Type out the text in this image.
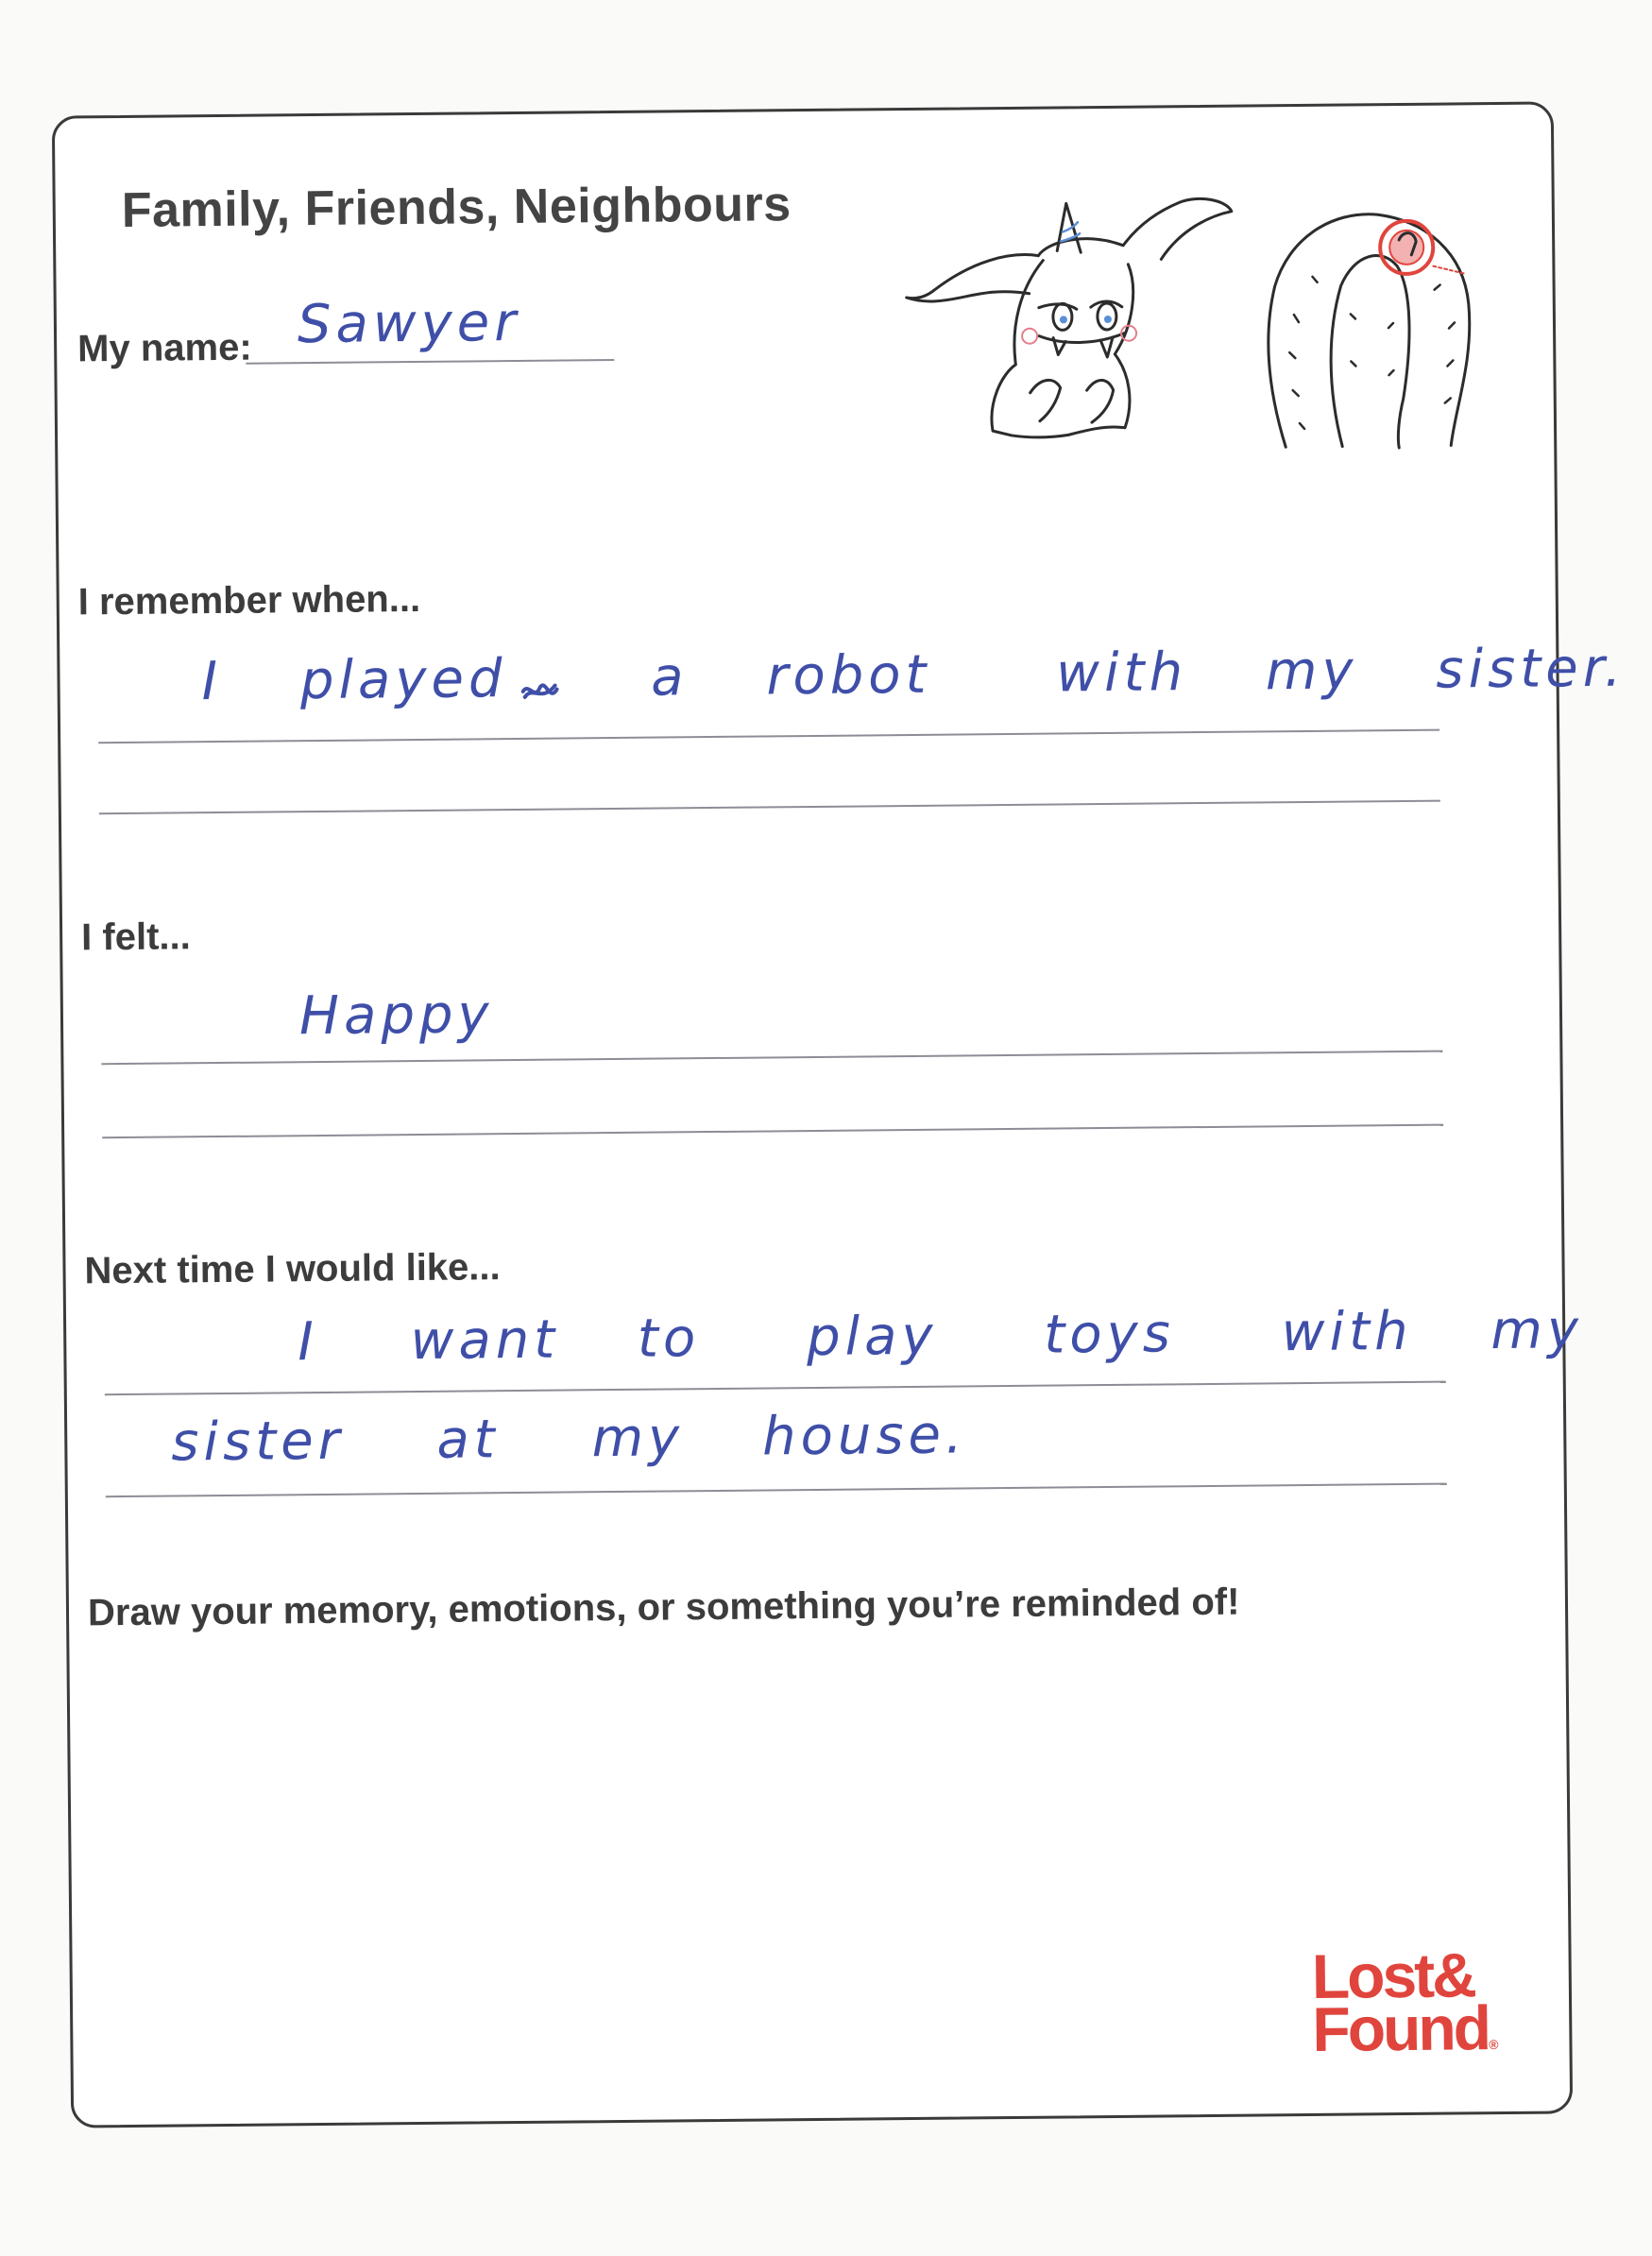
Family, Friends, Neighbours
My name: Sawyer
I remember when...
I played	a robot with my sister.
I felt...
Happy
Next time I would like...
I want to play toys with my
sister at my house.
Draw your memory, emotions, or something you’re reminded of!
Lost&
Found®
